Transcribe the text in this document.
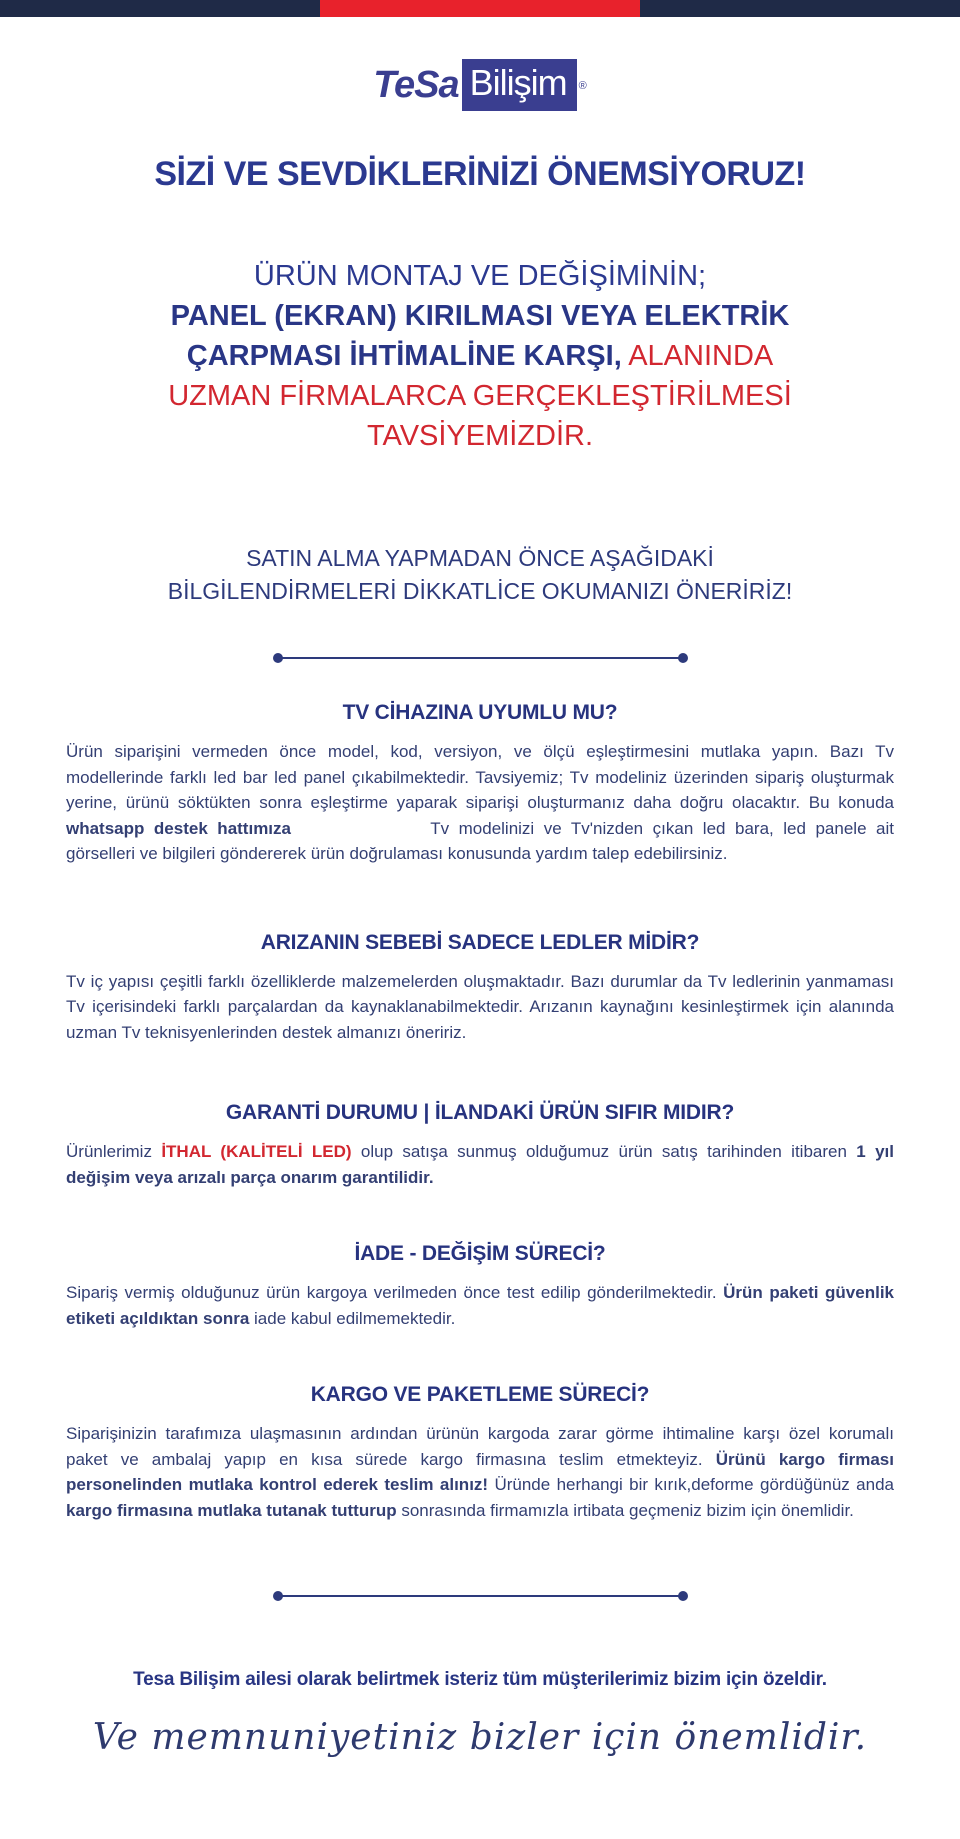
TeSa Bilişim	®
SİZİ VE SEVDİKLERİNİZİ ÖNEMSİYORUZ!
ÜRÜN MONTAJ VE DEĞİŞİMİNİN;
PANEL (EKRAN) KIRILMASI VEYA ELEKTRİK
ÇARPMASI İHTİMALİNE KARŞI, ALANINDA
UZMAN FİRMALARCA GERÇEKLEŞTİRİLMESİ
TAVSİYEMİZDİR.
SATIN ALMA YAPMADAN ÖNCE AŞAĞIDAKİ
BİLGİLENDİRMELERİ DİKKATLİCE OKUMANIZI ÖNERİRİZ!
TV CİHAZINA UYUMLU MU?

Ürün siparişini vermeden önce model, kod, versiyon, ve ölçü eşleştirmesini mutlaka yapın. Bazı Tv modellerinde farklı led bar led panel çıkabilmektedir. Tavsiyemiz; Tv modeliniz üzerinden sipariş oluşturmak yerine, ürünü söktükten sonra eşleştirme yaparak siparişi oluşturmanız daha doğru olacaktır. Bu konuda whatsapp destek hattımıza	Tv modelinizi ve Tv'nizden çıkan led bara, led panele ait görselleri ve bilgileri göndererek ürün doğrulaması konusunda yardım talep edebilirsiniz.

ARIZANIN SEBEBİ SADECE LEDLER MİDİR?

Tv iç yapısı çeşitli farklı özelliklerde malzemelerden oluşmaktadır. Bazı durumlar da Tv ledlerinin yanmaması Tv içerisindeki farklı parçalardan da kaynaklanabilmektedir. Arızanın kaynağını kesinleştirmek için alanında uzman Tv teknisyenlerinden destek almanızı öneririz.

GARANTİ DURUMU | İLANDAKİ ÜRÜN SIFIR MIDIR?

Ürünlerimiz İTHAL (KALİTELİ LED) olup satışa sunmuş olduğumuz ürün satış tarihinden itibaren 1 yıl değişim veya arızalı parça onarım garantilidir.

İADE - DEĞİŞİM SÜRECİ?

Sipariş vermiş olduğunuz ürün kargoya verilmeden önce test edilip gönderilmektedir. Ürün paketi güvenlik etiketi açıldıktan sonra iade kabul edilmemektedir.

KARGO VE PAKETLEME SÜRECİ?

Siparişinizin tarafımıza ulaşmasının ardından ürünün kargoda zarar görme ihtimaline karşı özel korumalı paket ve ambalaj yapıp en kısa sürede kargo firmasına teslim etmekteyiz. Ürünü kargo firması personelinden mutlaka kontrol ederek teslim alınız! Üründe herhangi bir kırık,deforme gördüğünüz anda kargo firmasına mutlaka tutanak tutturup sonrasında firmamızla irtibata geçmeniz bizim için önemlidir.

Tesa Bilişim ailesi olarak belirtmek isteriz tüm müşterilerimiz bizim için özeldir.
Ve memnuniyetiniz bizler için önemlidir.
